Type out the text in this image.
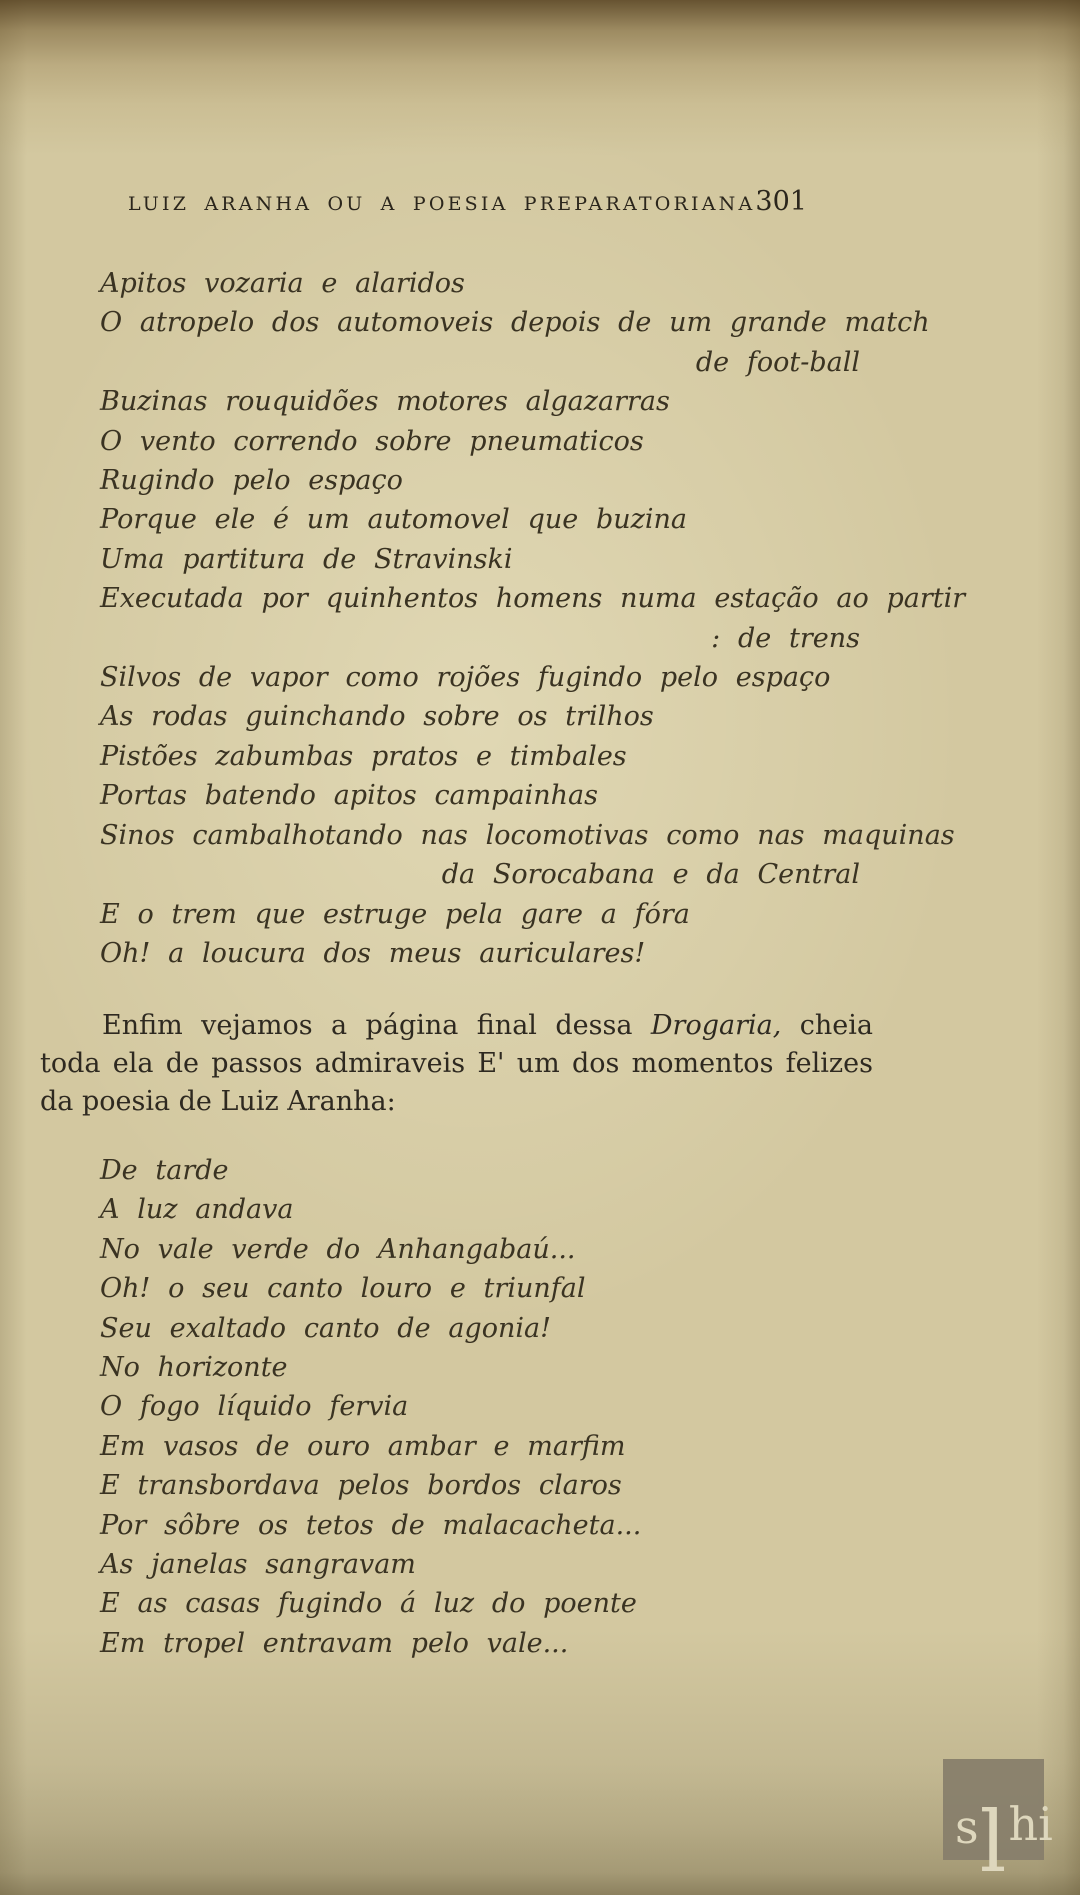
LUIZ ARANHA OU A POESIA PREPARATORIANA 301
Apitos vozaria e alaridos
O atropelo dos automoveis depois de um grande match
de foot-ball
Buzinas rouquidões motores algazarras
O vento correndo sobre pneumaticos
Rugindo pelo espaço
Porque ele é um automovel que buzina
Uma partitura de Stravinski
Executada por quinhentos homens numa estação ao partir
: de trens
Silvos de vapor como rojões fugindo pelo espaço
As rodas guinchando sobre os trilhos
Pistões zabumbas pratos e timbales
Portas batendo apitos campainhas
Sinos cambalhotando nas locomotivas como nas maquinas
da Sorocabana e da Central
E o trem que estruge pela gare a fóra
Oh! a loucura dos meus auriculares!
Enfim vejamos a página final dessa Drogaria, cheia
toda ela de passos admiraveis E' um dos momentos felizes
da poesia de Luiz Aranha:
De tarde
A luz andava
No vale verde do Anhangabaú...
Oh! o seu canto louro e triunfal
Seu exaltado canto de agonia!
No horizonte
O fogo líquido fervia
Em vasos de ouro ambar e marfim
E transbordava pelos bordos claros
Por sôbre os tetos de malacacheta...
As janelas sangravam
E as casas fugindo á luz do poente
Em tropel entravam pelo vale...
s l hi
